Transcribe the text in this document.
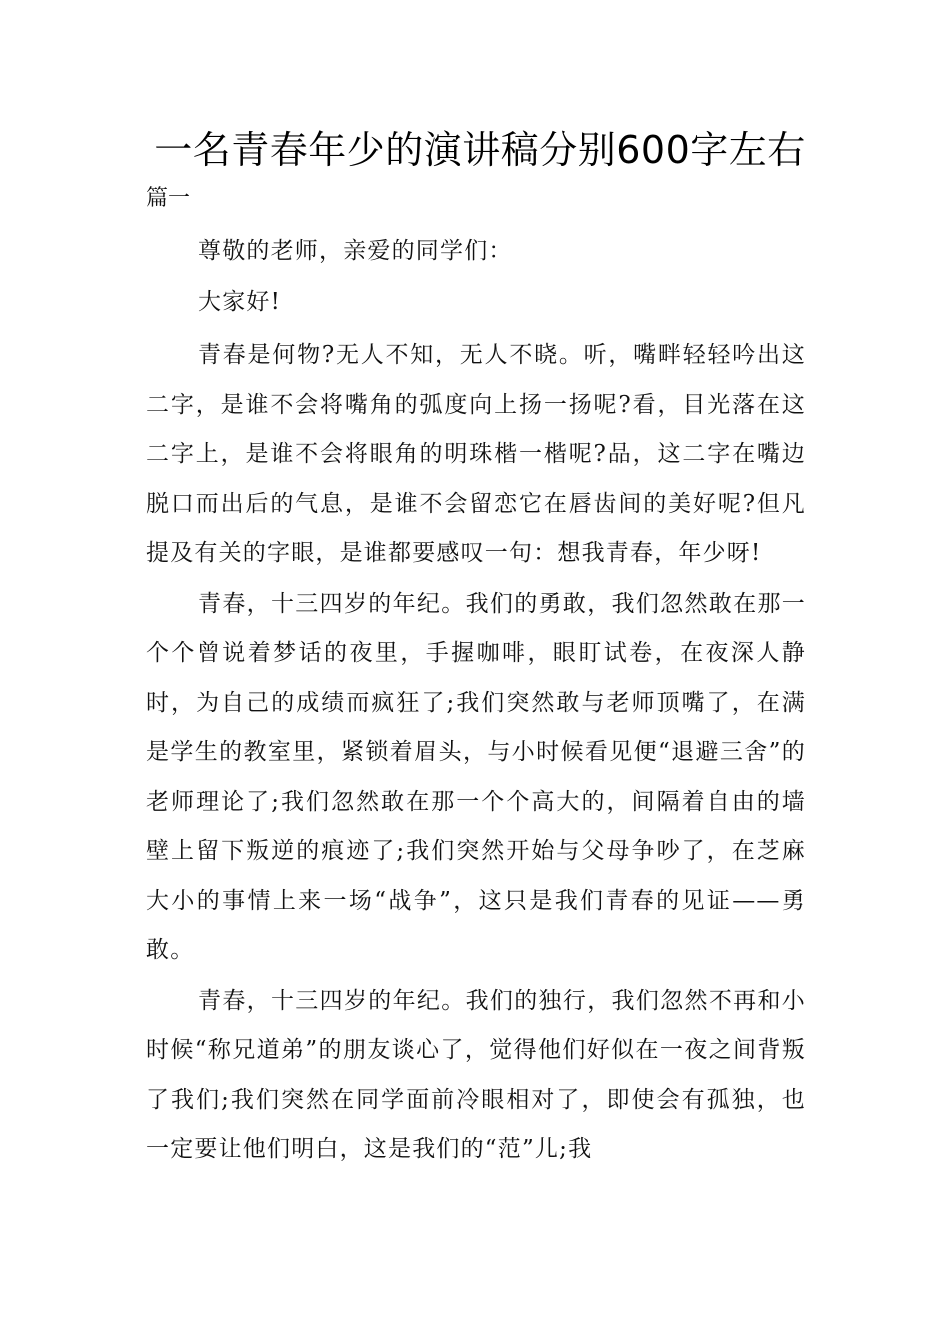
一名青春年少的演讲稿分别600字左右

篇一

尊敬的老师，亲爱的同学们：

大家好!

青春是何物?无人不知，无人不晓。听，嘴畔轻轻吟出这二字，是谁不会将嘴角的弧度向上扬一扬呢?看，目光落在这二字上，是谁不会将眼角的明珠楷一楷呢?品，这二字在嘴边脱口而出后的气息，是谁不会留恋它在唇齿间的美好呢?但凡提及有关的字眼，是谁都要感叹一句：想我青春，年少呀!

青春，十三四岁的年纪。我们的勇敢，我们忽然敢在那一个个曾说着梦话的夜里，手握咖啡，眼盯试卷，在夜深人静时，为自己的成绩而疯狂了;我们突然敢与老师顶嘴了，在满是学生的教室里，紧锁着眉头，与小时候看见便“退避三舍”的老师理论了;我们忽然敢在那一个个高大的，间隔着自由的墙壁上留下叛逆的痕迹了;我们突然开始与父母争吵了，在芝麻大小的事情上来一场“战争”，这只是我们青春的见证——勇敢。

青春，十三四岁的年纪。我们的独行，我们忽然不再和小时候“称兄道弟”的朋友谈心了，觉得他们好似在一夜之间背叛了我们;我们突然在同学面前冷眼相对了，即使会有孤独，也一定要让他们明白，这是我们的“范”儿;我
